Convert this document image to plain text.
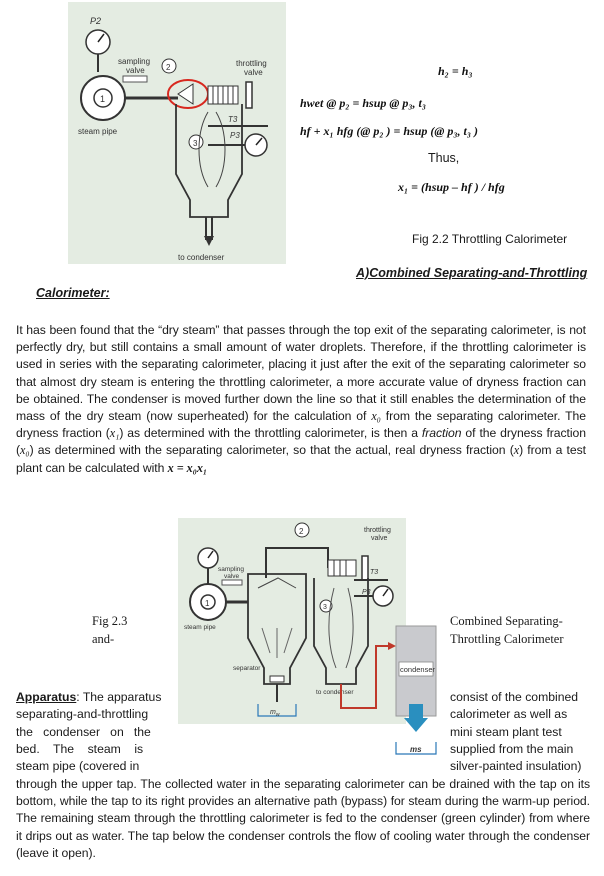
P2
sampling
valve	2
1
steam pipe
throttling
valve
T3
3
P3
to condenser
h₂ = h₃
hwet @ p₂ = hsup @ p₃, t₃
hf + x₁ hfg (@ p₂ ) = hsup (@ p₃, t₃ )
Thus,
x₁ = (hsup – hf ) / hfg
Fig 2.2 Throttling Calorimeter
A)Combined Separating-and-Throttling
Calorimeter:
It has been found that the “dry steam” that passes through the top exit of the separating calorimeter, is not perfectly dry, but still contains a small amount of water droplets. Therefore, if the throttling calorimeter is used in series with the separating calorimeter, placing it just after the exit of the separating calorimeter so that almost dry steam is entering the throttling calorimeter, a more accurate value of dryness fraction can be obtained. The condenser is moved further down the line so that it still enables the determination of the mass of the dry steam (now superheated) for the calculation of x₀ from the separating calorimeter. The dryness fraction (x₁) as determined with the throttling calorimeter, is then a fraction of the dryness fraction (x₀) as determined with the separating calorimeter, so that the actual, real dryness fraction (x) from a test plant can be calculated with x = x₀x₁
throttling
valve
2
T3
P3
sampling
valve
1
steam pipe
separator
$m_w$
3
to condenser
condenser
ms
Fig 2.3
and-
Combined Separating-
Throttling Calorimeter
Apparatus: The apparatus
separating-and-throttling
the   condenser   on   the
bed.    The    steam    is
consist of the combined
calorimeter as well as
mini steam plant test
supplied from the main
steam pipe (covered in	silver-painted insulation)
through the upper tap. The collected water in the separating calorimeter can be drained with the tap on its bottom, while the tap to its right provides an alternative path (bypass) for steam during the warm-up period. The remaining steam through the throttling calorimeter is fed to the condenser (green cylinder) from where it drips out as water. The tap below the condenser controls the flow of cooling water through the condenser (leave it open).
